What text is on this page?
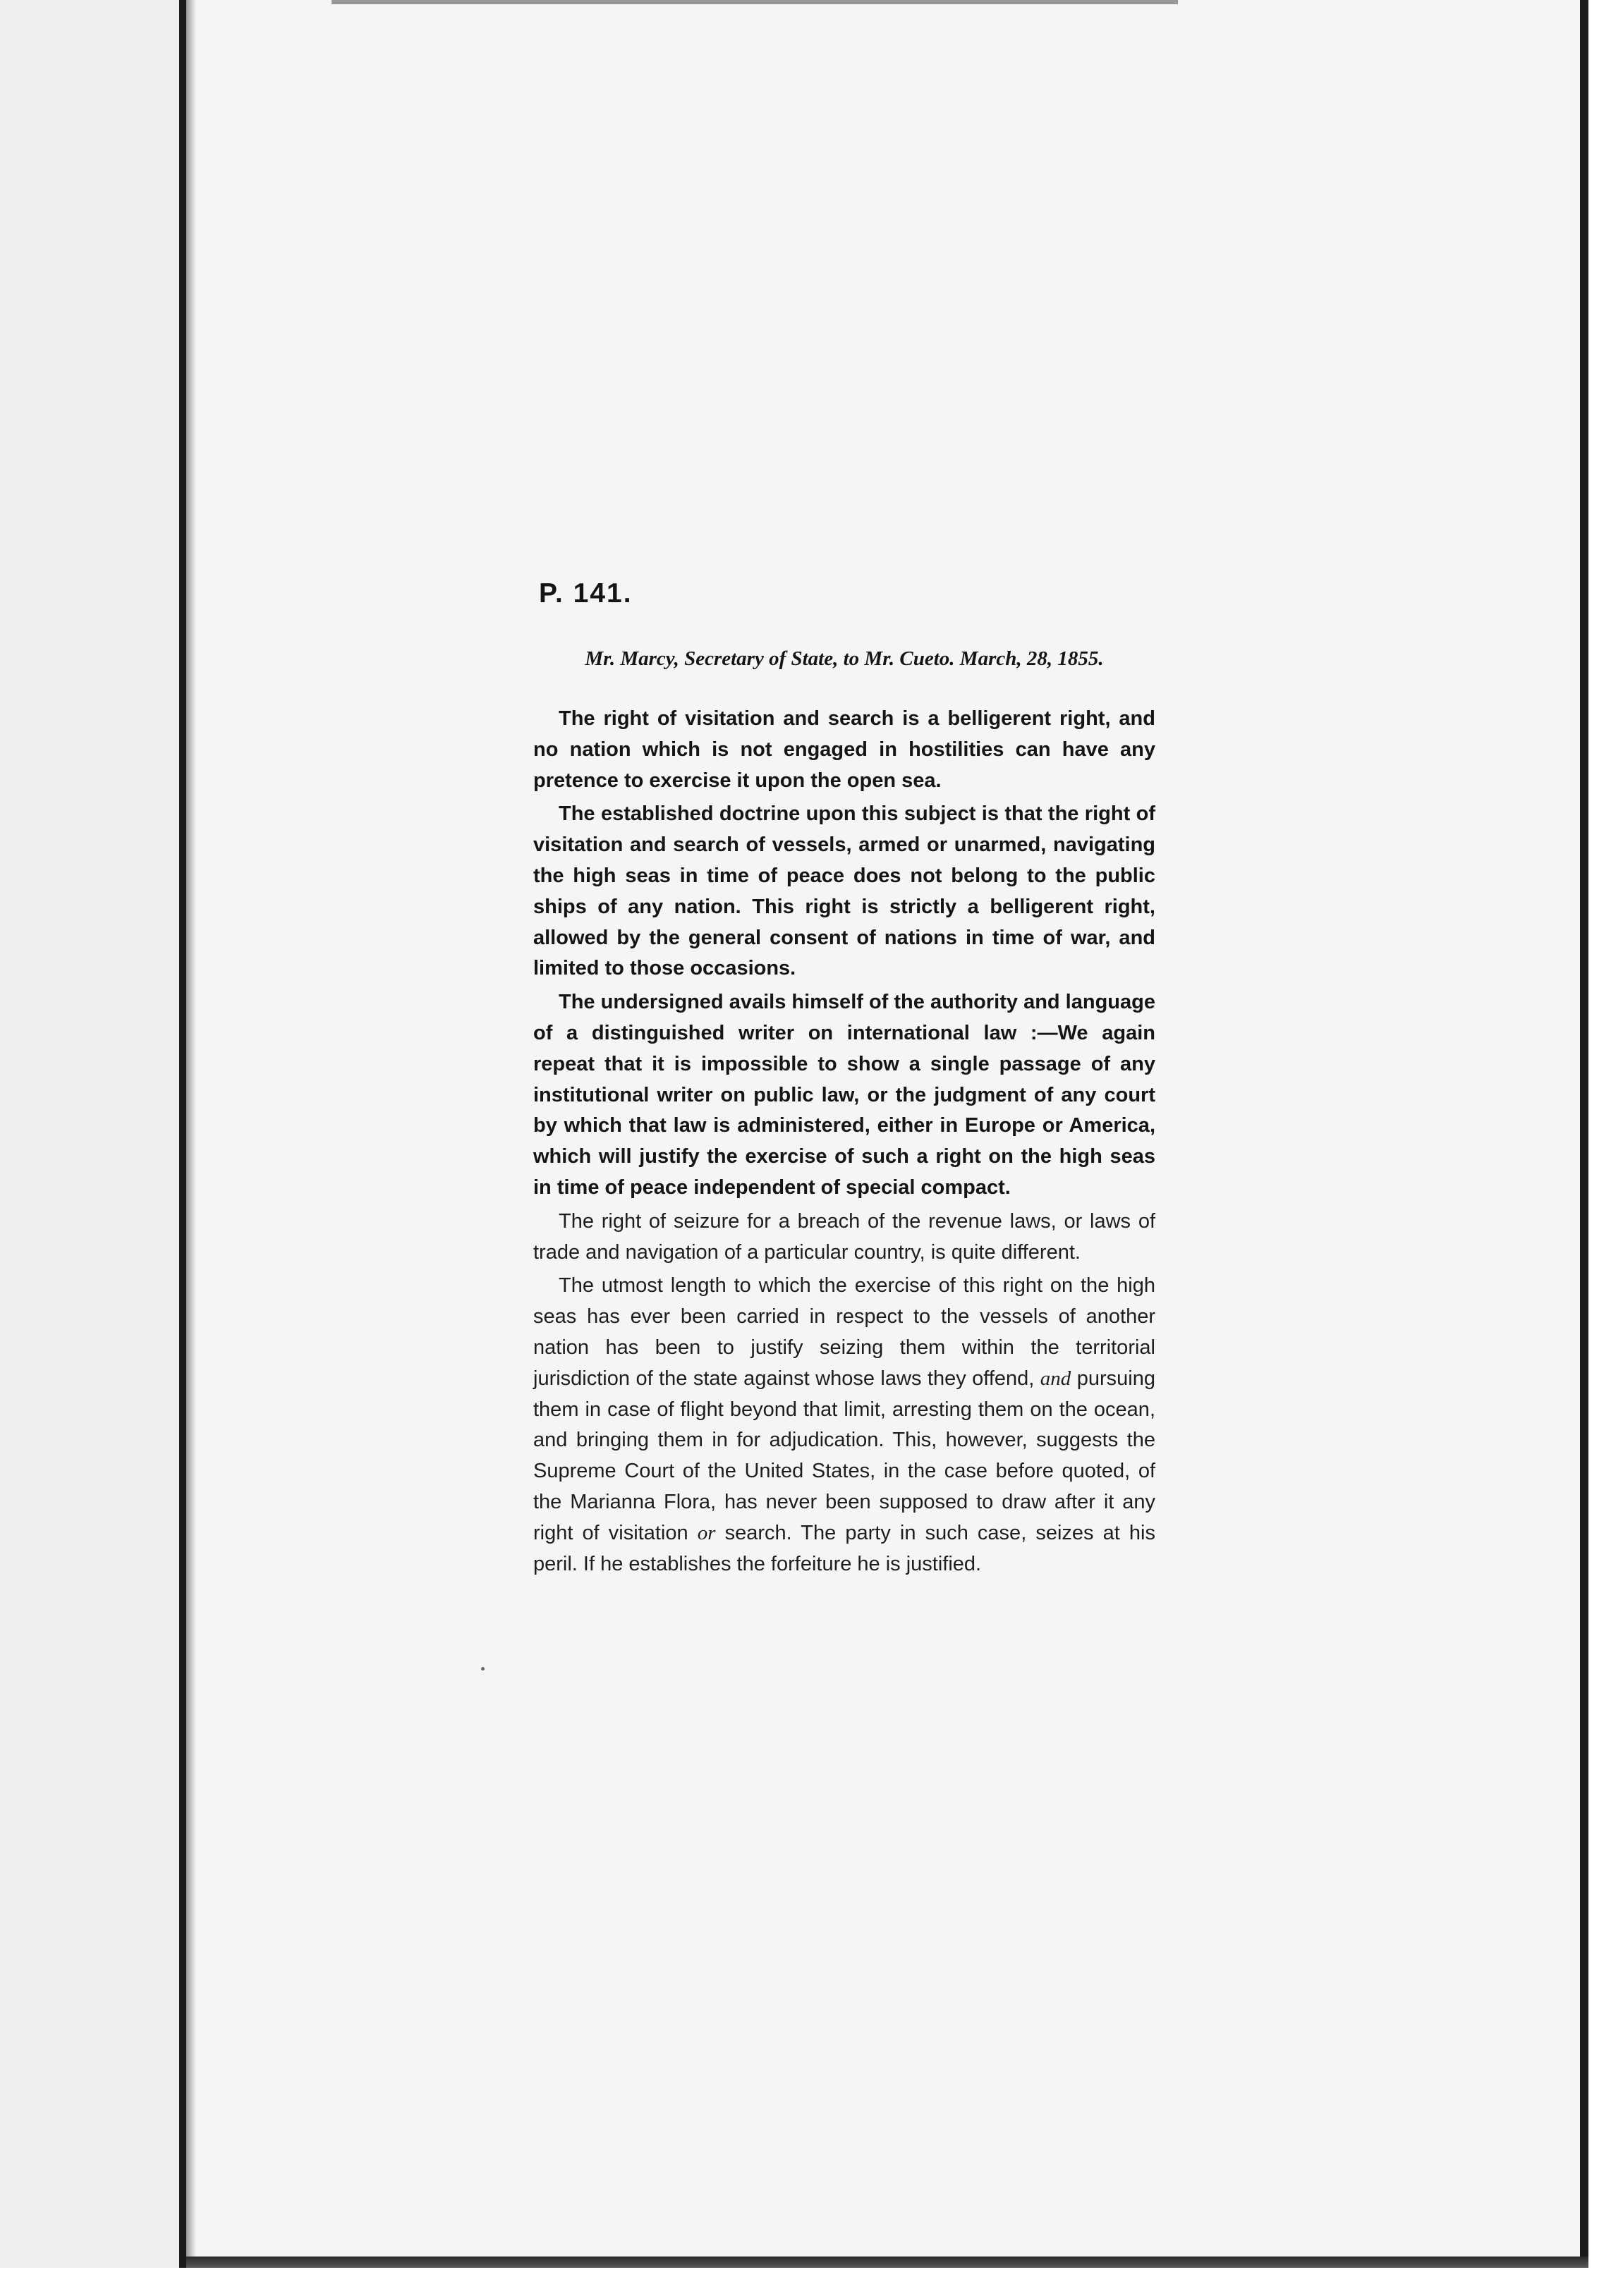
P. 141.
Mr. Marcy, Secretary of State, to Mr. Cueto. March, 28, 1855.

The right of visitation and search is a belligerent right, and no nation which is not engaged in hostilities can have any pretence to exercise it upon the open sea.

The established doctrine upon this subject is that the right of visitation and search of vessels, armed or unarmed, navigating the high seas in time of peace does not belong to the public ships of any nation. This right is strictly a belligerent right, allowed by the general consent of nations in time of war, and limited to those occasions.

The undersigned avails himself of the authority and language of a distinguished writer on international law :—We again repeat that it is impossible to show a single passage of any institutional writer on public law, or the judgment of any court by which that law is administered, either in Europe or America, which will justify the exercise of such a right on the high seas in time of peace independent of special compact.

The right of seizure for a breach of the revenue laws, or laws of trade and navigation of a particular country, is quite different.

The utmost length to which the exercise of this right on the high seas has ever been carried in respect to the vessels of another nation has been to justify seizing them within the territorial jurisdiction of the state against whose laws they offend, and pursuing them in case of flight beyond that limit, arresting them on the ocean, and bringing them in for adjudication. This, however, suggests the Supreme Court of the United States, in the case before quoted, of the Marianna Flora, has never been supposed to draw after it any right of visitation or search. The party in such case, seizes at his peril. If he establishes the forfeiture he is justified.
